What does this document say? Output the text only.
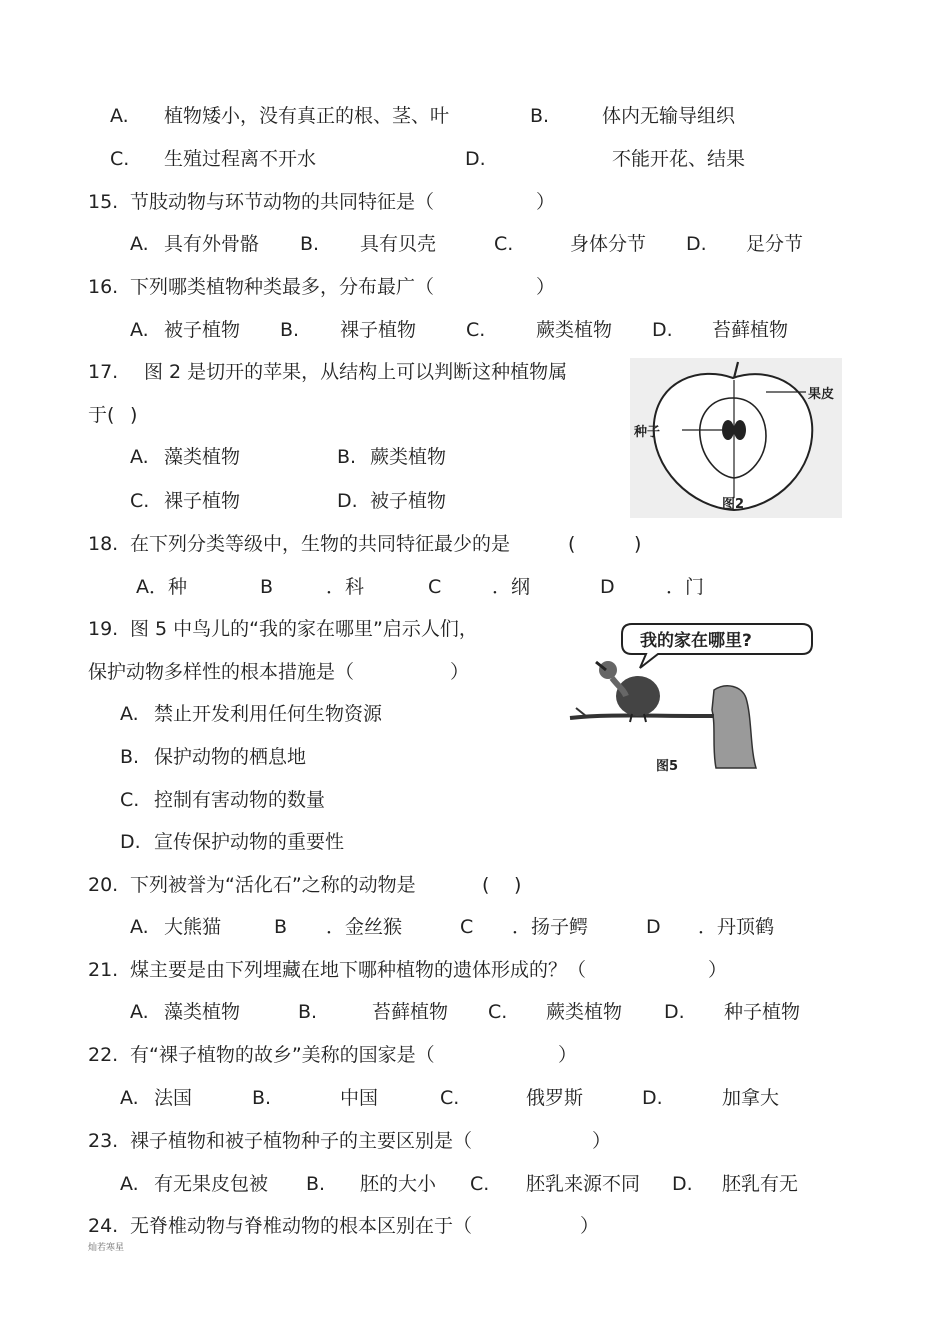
A. 植物矮小，没有真正的根、茎、叶	B.	体内无输导组织
C. 生殖过程离不开水	D.	不能开花、结果
15. 节肢动物与环节动物的共同特征是（	）
A. 具有外骨骼 B. 具有贝壳	C.	身体分节 D. 足分节
16. 下列哪类植物种类最多，分布最广（	）
A. 被子植物 B. 裸子植物	C.	蕨类植物 D. 苔藓植物
17. 图 2 是切开的苹果，从结构上可以判断这种植物属
于( )
A. 藻类植物	B. 蕨类植物
C. 裸子植物	D. 被子植物
18. 在下列分类等级中，生物的共同特征最少的是	(	)
A．种	B	．科	C	．纲	D	．门
19. 图 5 中鸟儿的“我的家在哪里”启示人们，
保护动物多样性的根本措施是（	）
A. 禁止开发利用任何生物资源
B. 保护动物的栖息地
C. 控制有害动物的数量
D. 宣传保护动物的重要性
20. 下列被誉为“活化石”之称的动物是	( )
A. 大熊猫	B ．金丝猴	C ．扬子鳄	D ．丹顶鹤
21. 煤主要是由下列埋藏在地下哪种植物的遗体形成的？（	）
A. 藻类植物	B.	苔藓植物 C. 蕨类植物 D. 种子植物
22. 有“裸子植物的故乡”美称的国家是（	）
A. 法国	B.	中国	C.	俄罗斯	D.	加拿大
23. 裸子植物和被子植物种子的主要区别是（	）
A. 有无果皮包被 B. 胚的大小 C. 胚乳来源不同 D. 胚乳有无
24. 无脊椎动物与脊椎动物的根本区别在于（	）
种子
果皮
图2
我的家在哪里?
图5
灿若寒星
